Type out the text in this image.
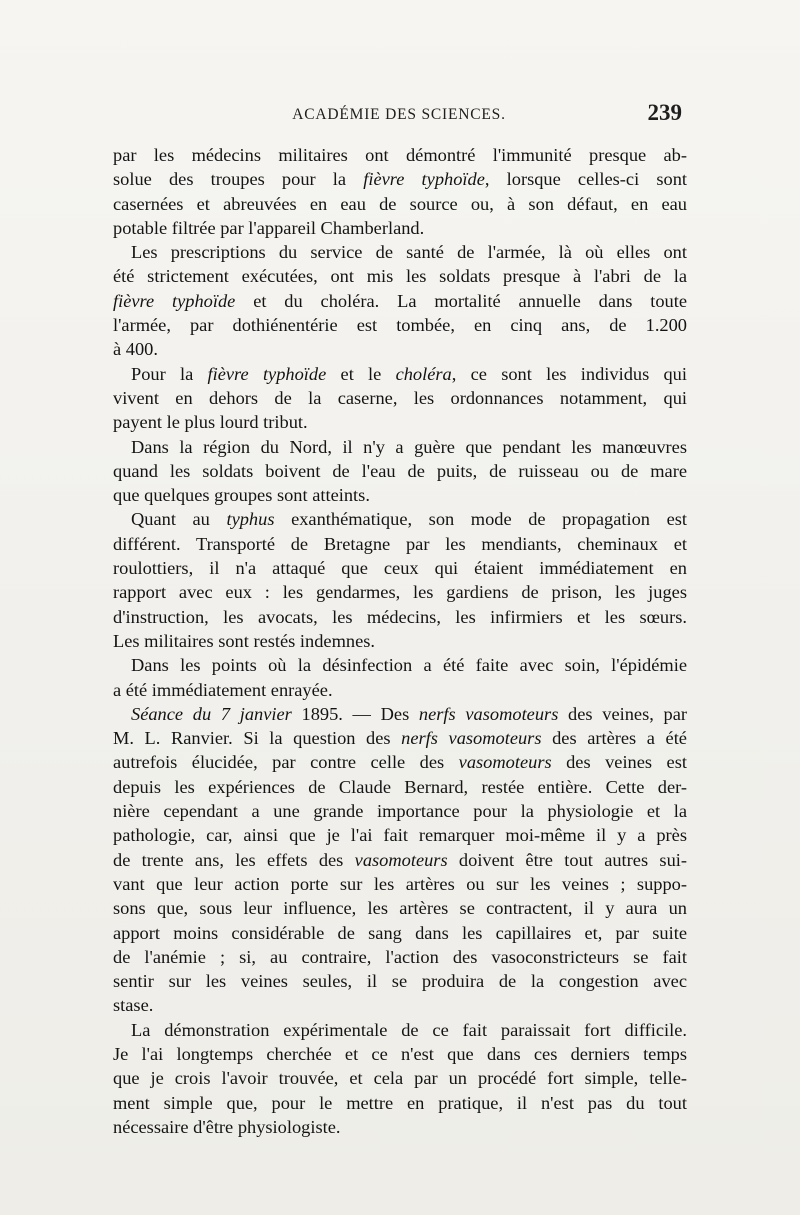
ACADÉMIE DES SCIENCES.	239
par les médecins militaires ont démontré l'immunité presque ab-
solue des troupes pour la fièvre typhoïde, lorsque celles-ci sont
casernées et abreuvées en eau de source ou, à son défaut, en eau
potable filtrée par l'appareil Chamberland.
Les prescriptions du service de santé de l'armée, là où elles ont
été strictement exécutées, ont mis les soldats presque à l'abri de la
fièvre typhoïde et du choléra. La mortalité annuelle dans toute
l'armée, par dothiénentérie est tombée, en cinq ans, de 1.200
à 400.
Pour la fièvre typhoïde et le choléra, ce sont les individus qui
vivent en dehors de la caserne, les ordonnances notamment, qui
payent le plus lourd tribut.
Dans la région du Nord, il n'y a guère que pendant les manœuvres
quand les soldats boivent de l'eau de puits, de ruisseau ou de mare
que quelques groupes sont atteints.
Quant au typhus exanthématique, son mode de propagation est
différent. Transporté de Bretagne par les mendiants, cheminaux et
roulottiers, il n'a attaqué que ceux qui étaient immédiatement en
rapport avec eux : les gendarmes, les gardiens de prison, les juges
d'instruction, les avocats, les médecins, les infirmiers et les sœurs.
Les militaires sont restés indemnes.
Dans les points où la désinfection a été faite avec soin, l'épidémie
a été immédiatement enrayée.
Séance du 7 janvier 1895. — Des nerfs vasomoteurs des veines, par
M. L. Ranvier. Si la question des nerfs vasomoteurs des artères a été
autrefois élucidée, par contre celle des vasomoteurs des veines est
depuis les expériences de Claude Bernard, restée entière. Cette der-
nière cependant a une grande importance pour la physiologie et la
pathologie, car, ainsi que je l'ai fait remarquer moi-même il y a près
de trente ans, les effets des vasomoteurs doivent être tout autres sui-
vant que leur action porte sur les artères ou sur les veines ; suppo-
sons que, sous leur influence, les artères se contractent, il y aura un
apport moins considérable de sang dans les capillaires et, par suite
de l'anémie ; si, au contraire, l'action des vasoconstricteurs se fait
sentir sur les veines seules, il se produira de la congestion avec
stase.
La démonstration expérimentale de ce fait paraissait fort difficile.
Je l'ai longtemps cherchée et ce n'est que dans ces derniers temps
que je crois l'avoir trouvée, et cela par un procédé fort simple, telle-
ment simple que, pour le mettre en pratique, il n'est pas du tout
nécessaire d'être physiologiste.
